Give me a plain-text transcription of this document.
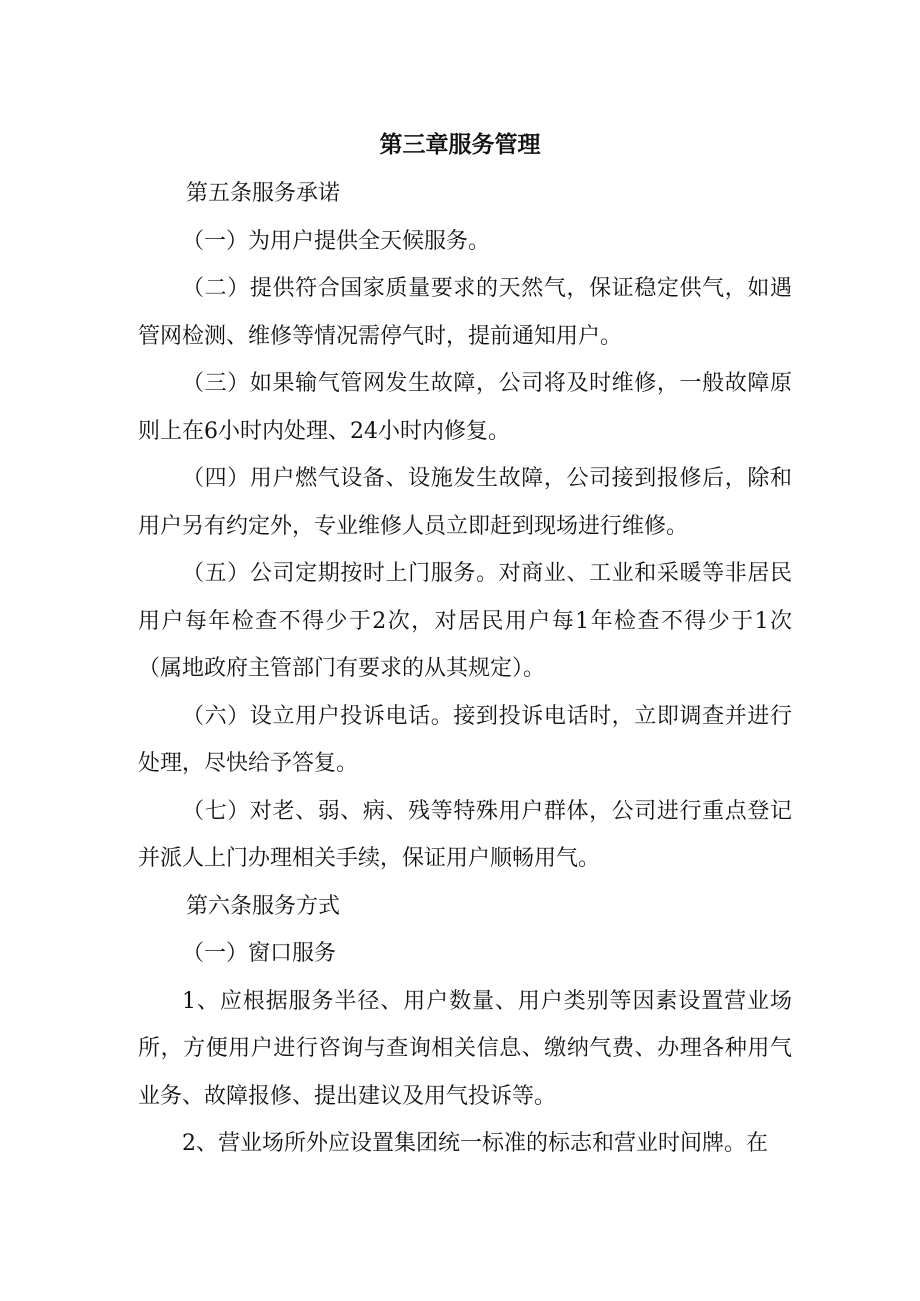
第三章服务管理

第五条服务承诺

（一）为用户提供全天候服务。

（二）提供符合国家质量要求的天然气，保证稳定供气，如遇管网检测、维修等情况需停气时，提前通知用户。

（三）如果输气管网发生故障，公司将及时维修，一般故障原则上在6小时内处理、24小时内修复。

（四）用户燃气设备、设施发生故障，公司接到报修后，除和用户另有约定外，专业维修人员立即赶到现场进行维修。

（五）公司定期按时上门服务。对商业、工业和采暖等非居民用户每年检查不得少于2次，对居民用户每1年检查不得少于1次（属地政府主管部门有要求的从其规定）。

（六）设立用户投诉电话。接到投诉电话时，立即调查并进行处理，尽快给予答复。

（七）对老、弱、病、残等特殊用户群体，公司进行重点登记并派人上门办理相关手续，保证用户顺畅用气。

第六条服务方式

（一）窗口服务

1、应根据服务半径、用户数量、用户类别等因素设置营业场所，方便用户进行咨询与查询相关信息、缴纳气费、办理各种用气业务、故障报修、提出建议及用气投诉等。

2、营业场所外应设置集团统一标准的标志和营业时间牌。在
